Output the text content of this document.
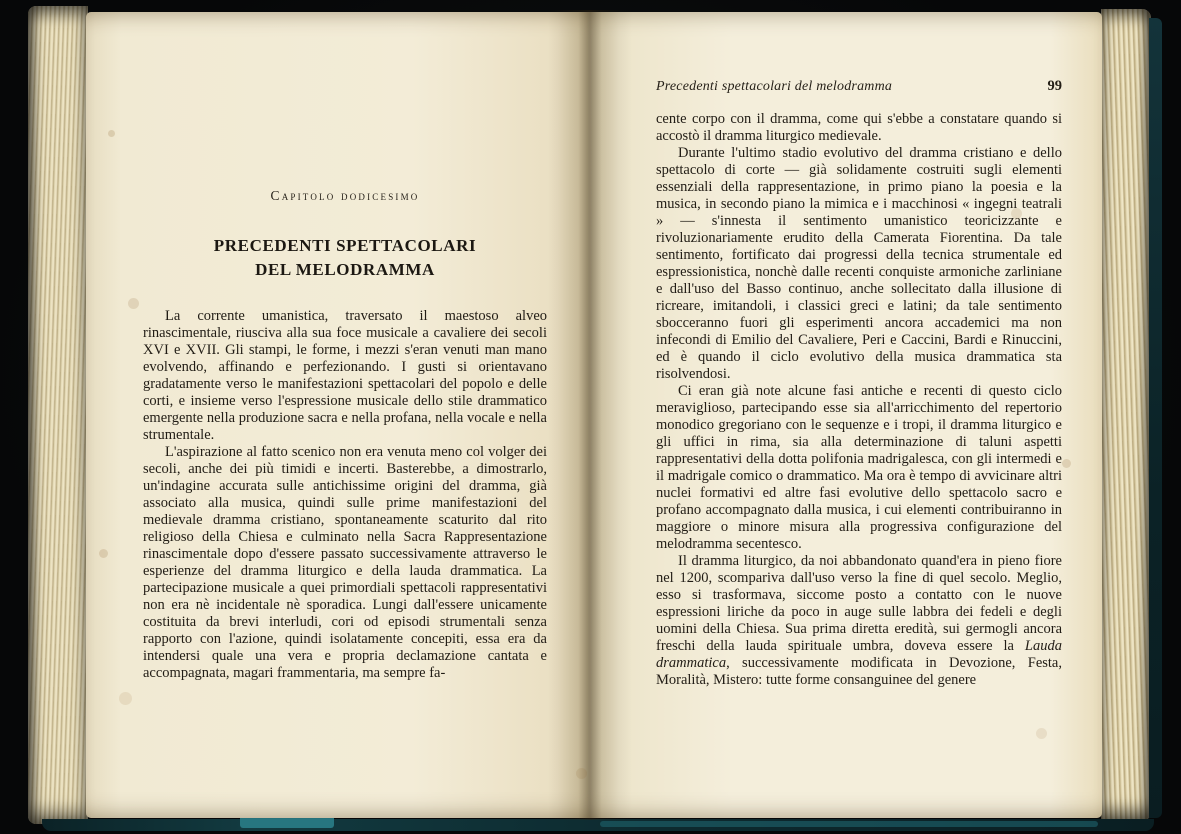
Capitolo dodicesimo
PRECEDENTI SPETTACOLARI
DEL MELODRAMMA

La corrente umanistica, traversato il maestoso alveo rinascimentale, riusciva alla sua foce musicale a cavaliere dei secoli XVI e XVII. Gli stampi, le forme, i mezzi s'eran venuti man mano evolvendo, affinando e perfezionando. I gusti si orientavano gradatamente verso le manifestazioni spettacolari del popolo e delle corti, e insieme verso l'espressione musicale dello stile drammatico emergente nella produzione sacra e nella profana, nella vocale e nella strumentale.

L'aspirazione al fatto scenico non era venuta meno col volger dei secoli, anche dei più timidi e incerti. Basterebbe, a dimostrarlo, un'indagine accurata sulle antichissime origini del dramma, già associato alla musica, quindi sulle prime manifestazioni del medievale dramma cristiano, spontaneamente scaturito dal rito religioso della Chiesa e culminato nella Sacra Rappresentazione rinascimentale dopo d'essere passato successivamente attraverso le esperienze del dramma liturgico e della lauda drammatica. La partecipazione musicale a quei primordiali spettacoli rappresentativi non era nè incidentale nè sporadica. Lungi dall'essere unicamente costituita da brevi interludi, cori od episodi strumentali senza rapporto con l'azione, quindi isolatamente concepiti, essa era da intendersi quale una vera e propria declamazione cantata e accompagnata, magari frammentaria, ma sempre fa-

Precedenti spettacolari del melodramma	99

cente corpo con il dramma, come qui s'ebbe a constatare quando si accostò il dramma liturgico medievale.

Durante l'ultimo stadio evolutivo del dramma cristiano e dello spettacolo di corte — già solidamente costruiti sugli elementi essenziali della rappresentazione, in primo piano la poesia e la musica, in secondo piano la mimica e i macchinosi « ingegni teatrali » — s'innesta il sentimento umanistico teoricizzante e rivoluzionariamente erudito della Camerata Fiorentina. Da tale sentimento, fortificato dai progressi della tecnica strumentale ed espressionistica, nonchè dalle recenti conquiste armoniche zarliniane e dall'uso del Basso continuo, anche sollecitato dalla illusione di ricreare, imitandoli, i classici greci e latini; da tale sentimento sbocceranno fuori gli esperimenti ancora accademici ma non infecondi di Emilio del Cavaliere, Peri e Caccini, Bardi e Rinuccini, ed è quando il ciclo evolutivo della musica drammatica sta risolvendosi.

Ci eran già note alcune fasi antiche e recenti di questo ciclo meraviglioso, partecipando esse sia all'arricchimento del repertorio monodico gregoriano con le sequenze e i tropi, il dramma liturgico e gli uffici in rima, sia alla determinazione di taluni aspetti rappresentativi della dotta polifonia madrigalesca, con gli intermedi e il madrigale comico o drammatico. Ma ora è tempo di avvicinare altri nuclei formativi ed altre fasi evolutive dello spettacolo sacro e profano accompagnato dalla musica, i cui elementi contribuiranno in maggiore o minore misura alla progressiva configurazione del melodramma secentesco.

Il dramma liturgico, da noi abbandonato quand'era in pieno fiore nel 1200, scompariva dall'uso verso la fine di quel secolo. Meglio, esso si trasformava, siccome posto a contatto con le nuove espressioni liriche da poco in auge sulle labbra dei fedeli e degli uomini della Chiesa. Sua prima diretta eredità, sui germogli ancora freschi della lauda spirituale umbra, doveva essere la Lauda drammatica, successivamente modificata in Devozione, Festa, Moralità, Mistero: tutte forme consanguinee del genere
